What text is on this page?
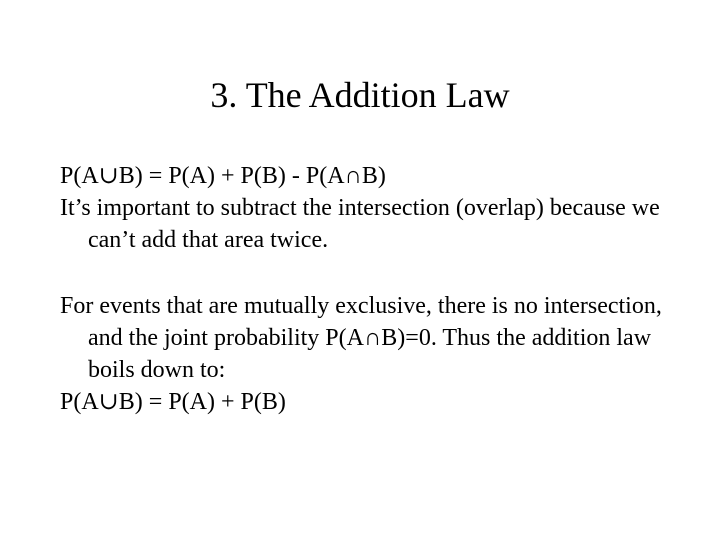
3. The Addition Law

P(A∪B) = P(A) + P(B) - P(A∩B)

It’s important to subtract the intersection (overlap) because we can’t add that area twice.

For events that are mutually exclusive, there is no intersection, and the joint probability P(A∩B)=0. Thus the addition law boils down to:

P(A∪B) = P(A) + P(B)
